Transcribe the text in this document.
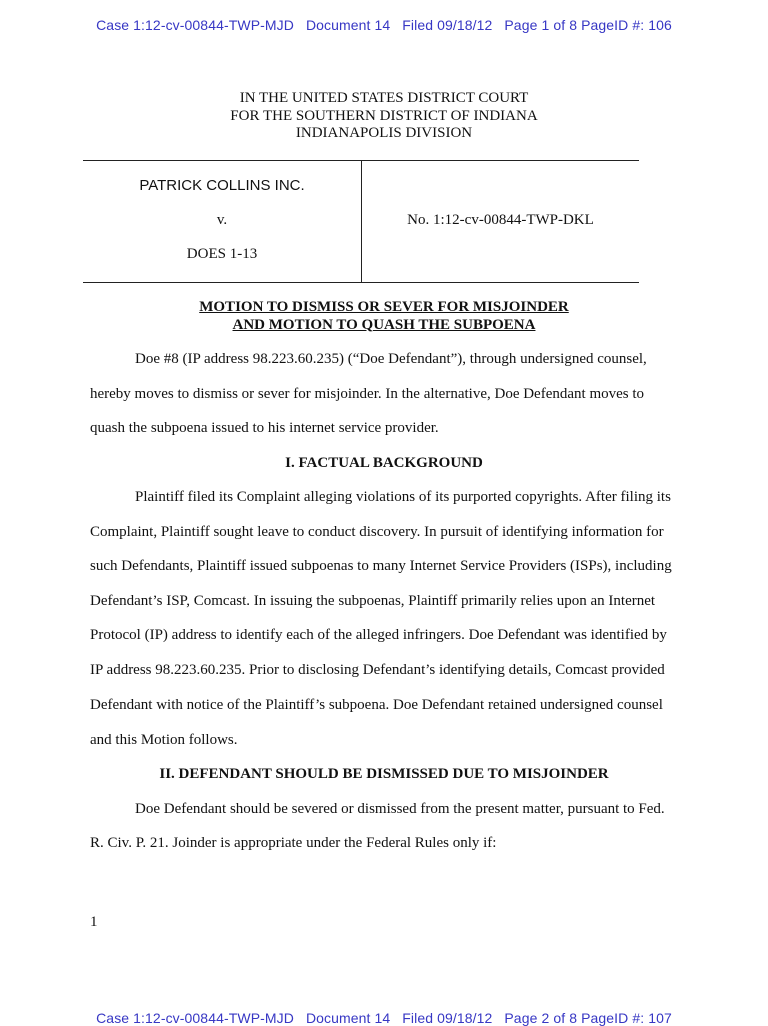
Case 1:12-cv-00844-TWP-MJD   Document 14   Filed 09/18/12   Page 1 of 8 PageID #: 106
IN THE UNITED STATES DISTRICT COURT
FOR THE SOUTHERN DISTRICT OF INDIANA
INDIANAPOLIS DIVISION
PATRICK COLLINS INC.
v.
DOES 1-13
No. 1:12-cv-00844-TWP-DKL
MOTION TO DISMISS OR SEVER FOR MISJOINDER
AND MOTION TO QUASH THE SUBPOENA
Doe #8 (IP address 98.223.60.235) (“Doe Defendant”), through undersigned counsel,
hereby moves to dismiss or sever for misjoinder. In the alternative, Doe Defendant moves to
quash the subpoena issued to his internet service provider.
I. FACTUAL BACKGROUND
Plaintiff filed its Complaint alleging violations of its purported copyrights. After filing its
Complaint, Plaintiff sought leave to conduct discovery. In pursuit of identifying information for
such Defendants, Plaintiff issued subpoenas to many Internet Service Providers (ISPs), including
Defendant’s ISP, Comcast. In issuing the subpoenas, Plaintiff primarily relies upon an Internet
Protocol (IP) address to identify each of the alleged infringers. Doe Defendant was identified by
IP address 98.223.60.235. Prior to disclosing Defendant’s identifying details, Comcast provided
Defendant with notice of the Plaintiff’s subpoena. Doe Defendant retained undersigned counsel
and this Motion follows.
II. DEFENDANT SHOULD BE DISMISSED DUE TO MISJOINDER
Doe Defendant should be severed or dismissed from the present matter, pursuant to Fed.
R. Civ. P. 21. Joinder is appropriate under the Federal Rules only if:
1
Case 1:12-cv-00844-TWP-MJD   Document 14   Filed 09/18/12   Page 2 of 8 PageID #: 107
